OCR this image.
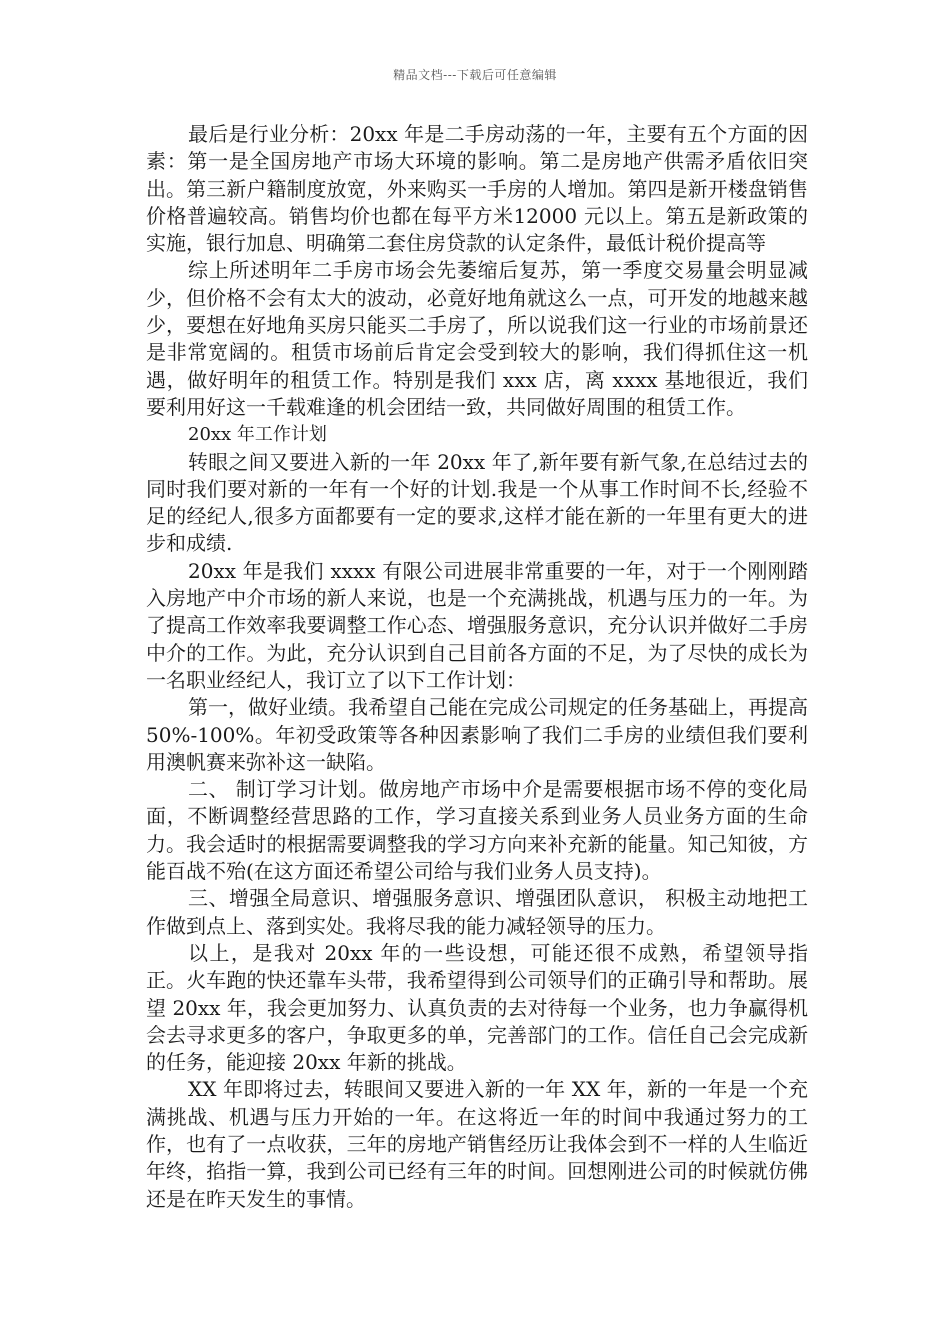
精品文档---下载后可任意编辑

最后是行业分析：20xx 年是二手房动荡的一年，主要有五个方面的因素：第一是全国房地产市场大环境的影响。第二是房地产供需矛盾依旧突出。第三新户籍制度放宽，外来购买一手房的人增加。第四是新开楼盘销售价格普遍较高。销售均价也都在每平方米12000 元以上。第五是新政策的实施，银行加息、明确第二套住房贷款的认定条件，最低计税价提高等

综上所述明年二手房市场会先萎缩后复苏，第一季度交易量会明显减少，但价格不会有太大的波动，必竟好地角就这么一点，可开发的地越来越少，要想在好地角买房只能买二手房了，所以说我们这一行业的市场前景还是非常宽阔的。租赁市场前后肯定会受到较大的影响，我们得抓住这一机遇，做好明年的租赁工作。特别是我们 xxx 店，离 xxxx 基地很近，我们要利用好这一千载难逢的机会团结一致，共同做好周围的租赁工作。

20xx 年工作计划

转眼之间又要进入新的一年 20xx 年了,新年要有新气象,在总结过去的同时我们要对新的一年有一个好的计划.我是一个从事工作时间不长,经验不足的经纪人,很多方面都要有一定的要求,这样才能在新的一年里有更大的进步和成绩.

20xx 年是我们 xxxx 有限公司进展非常重要的一年，对于一个刚刚踏入房地产中介市场的新人来说，也是一个充满挑战，机遇与压力的一年。为了提高工作效率我要调整工作心态、增强服务意识，充分认识并做好二手房中介的工作。为此，充分认识到自己目前各方面的不足，为了尽快的成长为一名职业经纪人，我订立了以下工作计划：

第一，做好业绩。我希望自己能在完成公司规定的任务基础上，再提高 50%-100%。年初受政策等各种因素影响了我们二手房的业绩但我们要利用澳帆赛来弥补这一缺陷。

二、 制订学习计划。做房地产市场中介是需要根据市场不停的变化局面，不断调整经营思路的工作，学习直接关系到业务人员业务方面的生命力。我会适时的根据需要调整我的学习方向来补充新的能量。知己知彼，方能百战不殆(在这方面还希望公司给与我们业务人员支持)。

三、增强全局意识、增强服务意识、增强团队意识， 积极主动地把工作做到点上、落到实处。我将尽我的能力减轻领导的压力。

以上，是我对 20xx 年的一些设想，可能还很不成熟，希望领导指正。火车跑的快还靠车头带，我希望得到公司领导们的正确引导和帮助。展望 20xx 年，我会更加努力、认真负责的去对待每一个业务，也力争赢得机会去寻求更多的客户，争取更多的单，完善部门的工作。信任自己会完成新的任务，能迎接 20xx 年新的挑战。

XX 年即将过去，转眼间又要进入新的一年 XX 年，新的一年是一个充满挑战、机遇与压力开始的一年。在这将近一年的时间中我通过努力的工作，也有了一点收获，三年的房地产销售经历让我体会到不一样的人生临近年终，掐指一算，我到公司已经有三年的时间。回想刚进公司的时候就仿佛还是在昨天发生的事情。
